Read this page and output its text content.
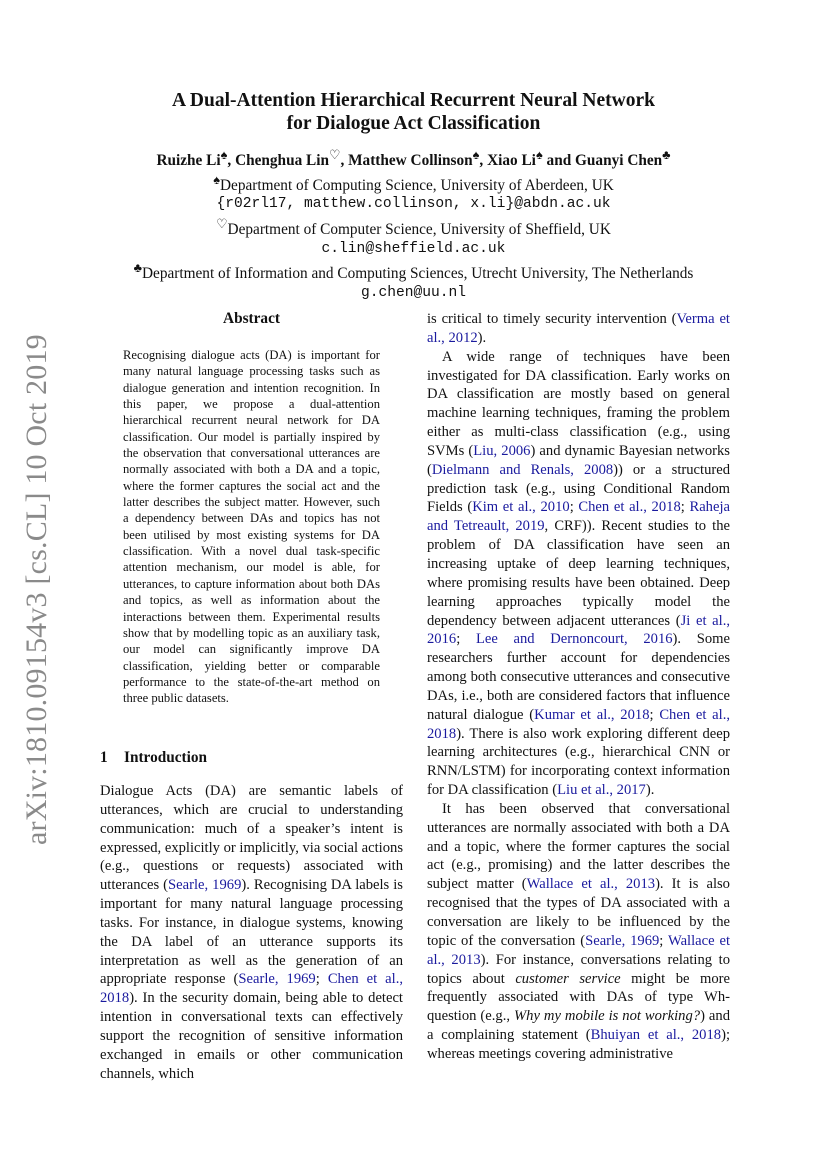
arXiv:1810.09154v3 [cs.CL] 10 Oct 2019
A Dual-Attention Hierarchical Recurrent Neural Network
for Dialogue Act Classification
Ruizhe Li♠, Chenghua Lin♡, Matthew Collinson♠, Xiao Li♠ and Guanyi Chen♣
♠Department of Computing Science, University of Aberdeen, UK
{r02rl17, matthew.collinson, x.li}@abdn.ac.uk
♡Department of Computer Science, University of Sheffield, UK
c.lin@sheffield.ac.uk
♣Department of Information and Computing Sciences, Utrecht University, The Netherlands
g.chen@uu.nl
Abstract
Recognising dialogue acts (DA) is important for many natural language processing tasks such as dialogue generation and intention recognition. In this paper, we propose a dual-attention hierarchical recurrent neural network for DA classification. Our model is partially inspired by the observation that conversational utterances are normally associated with both a DA and a topic, where the former captures the social act and the latter describes the subject matter. However, such a dependency between DAs and topics has not been utilised by most existing systems for DA classification. With a novel dual task-specific attention mechanism, our model is able, for utterances, to capture information about both DAs and topics, as well as information about the interactions between them. Experimental results show that by modelling topic as an auxiliary task, our model can significantly improve DA classification, yielding better or comparable performance to the state-of-the-art method on three public datasets.
1 Introduction

Dialogue Acts (DA) are semantic labels of utterances, which are crucial to understanding communication: much of a speaker’s intent is expressed, explicitly or implicitly, via social actions (e.g., questions or requests) associated with utterances (Searle, 1969). Recognising DA labels is important for many natural language processing tasks. For instance, in dialogue systems, knowing the DA label of an utterance supports its interpretation as well as the generation of an appropriate response (Searle, 1969; Chen et al., 2018). In the security domain, being able to detect intention in conversational texts can effectively support the recognition of sensitive information exchanged in emails or other communication channels, which

is critical to timely security intervention (Verma et al., 2012).

A wide range of techniques have been investigated for DA classification. Early works on DA classification are mostly based on general machine learning techniques, framing the problem either as multi-class classification (e.g., using SVMs (Liu, 2006) and dynamic Bayesian networks (Dielmann and Renals, 2008)) or a structured prediction task (e.g., using Conditional Random Fields (Kim et al., 2010; Chen et al., 2018; Raheja and Tetreault, 2019, CRF)). Recent studies to the problem of DA classification have seen an increasing uptake of deep learning techniques, where promising results have been obtained. Deep learning approaches typically model the dependency between adjacent utterances (Ji et al., 2016; Lee and Dernoncourt, 2016). Some researchers further account for dependencies among both consecutive utterances and consecutive DAs, i.e., both are considered factors that influence natural dialogue (Kumar et al., 2018; Chen et al., 2018). There is also work exploring different deep learning architectures (e.g., hierarchical CNN or RNN/LSTM) for incorporating context information for DA classification (Liu et al., 2017).

It has been observed that conversational utterances are normally associated with both a DA and a topic, where the former captures the social act (e.g., promising) and the latter describes the subject matter (Wallace et al., 2013). It is also recognised that the types of DA associated with a conversation are likely to be influenced by the topic of the conversation (Searle, 1969; Wallace et al., 2013). For instance, conversations relating to topics about customer service might be more frequently associated with DAs of type Wh-question (e.g., Why my mobile is not working?) and a complaining statement (Bhuiyan et al., 2018); whereas meetings covering administrative
